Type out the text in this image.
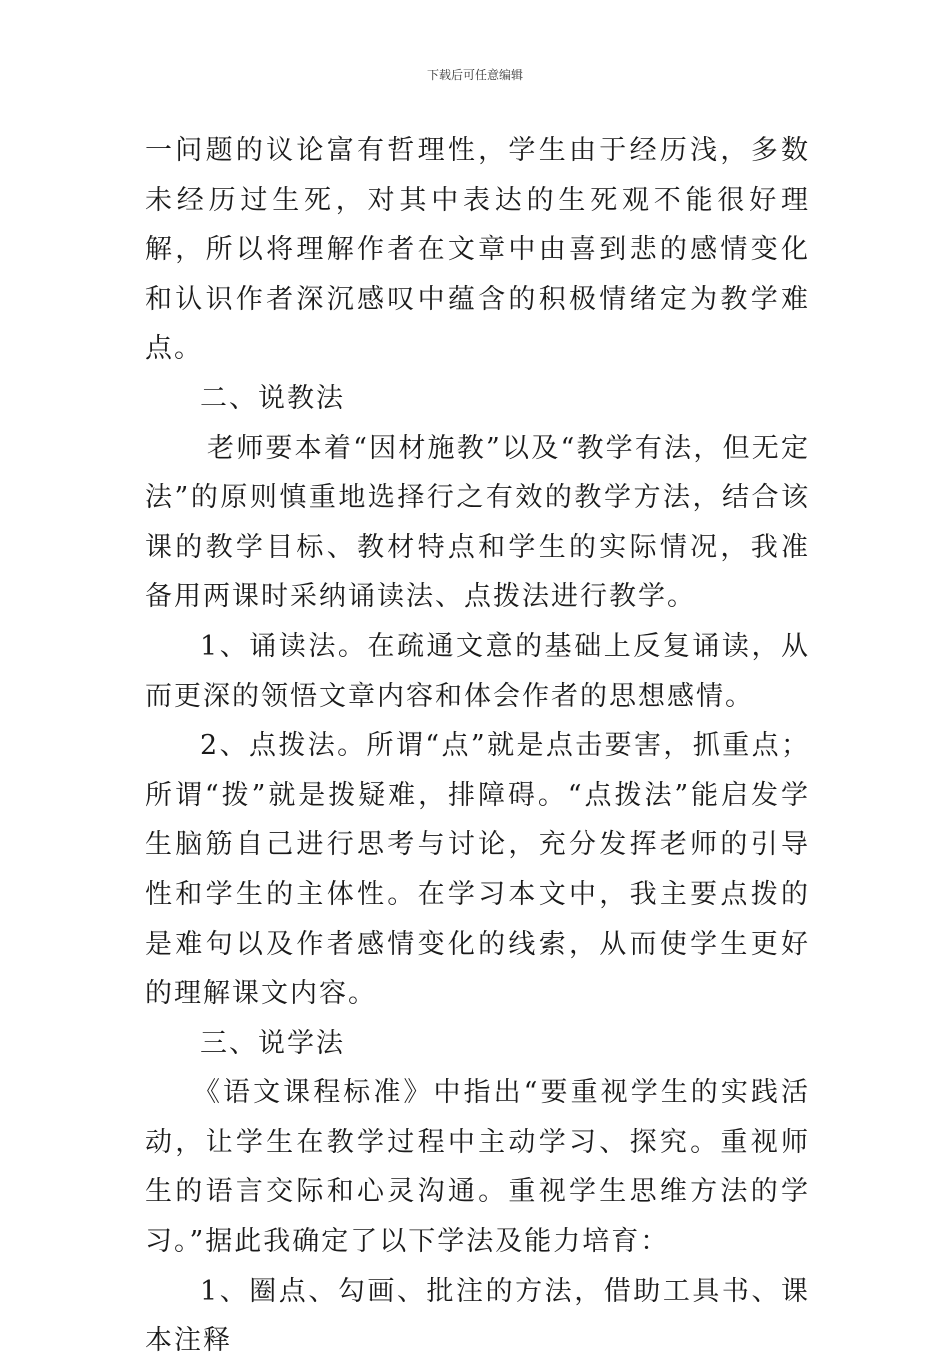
下载后可任意编辑

一问题的议论富有哲理性，学生由于经历浅，多数未经历过生死，对其中表达的生死观不能很好理解，所以将理解作者在文章中由喜到悲的感情变化和认识作者深沉感叹中蕴含的积极情绪定为教学难点。

二、说教法

老师要本着“因材施教”以及“教学有法，但无定法”的原则慎重地选择行之有效的教学方法，结合该课的教学目标、教材特点和学生的实际情况，我准备用两课时采纳诵读法、点拨法进行教学。

1、诵读法。在疏通文意的基础上反复诵读，从而更深的领悟文章内容和体会作者的思想感情。

2、点拨法。所谓“点”就是点击要害，抓重点；所谓“拨”就是拨疑难，排障碍。“点拨法”能启发学生脑筋自己进行思考与讨论，充分发挥老师的引导性和学生的主体性。在学习本文中，我主要点拨的是难句以及作者感情变化的线索，从而使学生更好的理解课文内容。

三、说学法

《语文课程标准》中指出“要重视学生的实践活动，让学生在教学过程中主动学习、探究。重视师生的语言交际和心灵沟通。重视学生思维方法的学习。”据此我确定了以下学法及能力培育：

1、圈点、勾画、批注的方法，借助工具书、课本注释
